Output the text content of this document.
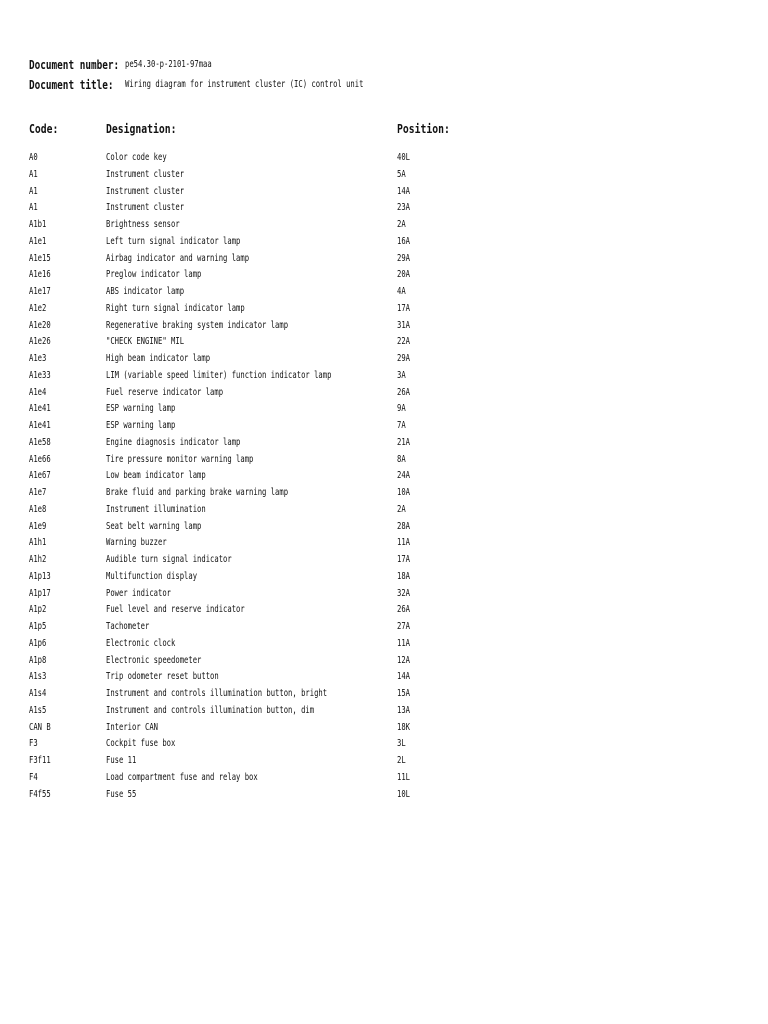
Document number: pe54.30-p-2101-97maa
Document title: Wiring diagram for instrument cluster (IC) control unit
Code:	Designation:	Position:
A0	Color code key	40L
A1	Instrument cluster	5A
A1	Instrument cluster	14A
A1	Instrument cluster	23A
A1b1	Brightness sensor	2A
A1e1	Left turn signal indicator lamp	16A
A1e15	Airbag indicator and warning lamp	29A
A1e16	Preglow indicator lamp	20A
A1e17	ABS indicator lamp	4A
A1e2	Right turn signal indicator lamp	17A
A1e20	Regenerative braking system indicator lamp	31A
A1e26	"CHECK ENGINE" MIL	22A
A1e3	High beam indicator lamp	29A
A1e33	LIM (variable speed limiter) function indicator lamp	3A
A1e4	Fuel reserve indicator lamp	26A
A1e41	ESP warning lamp	9A
A1e41	ESP warning lamp	7A
A1e58	Engine diagnosis indicator lamp	21A
A1e66	Tire pressure monitor warning lamp	8A
A1e67	Low beam indicator lamp	24A
A1e7	Brake fluid and parking brake warning lamp	10A
A1e8	Instrument illumination	2A
A1e9	Seat belt warning lamp	28A
A1h1	Warning buzzer	11A
A1h2	Audible turn signal indicator	17A
A1p13	Multifunction display	18A
A1p17	Power indicator	32A
A1p2	Fuel level and reserve indicator	26A
A1p5	Tachometer	27A
A1p6	Electronic clock	11A
A1p8	Electronic speedometer	12A
A1s3	Trip odometer reset button	14A
A1s4	Instrument and controls illumination button, bright	15A
A1s5	Instrument and controls illumination button, dim	13A
CAN B	Interior CAN	18K
F3	Cockpit fuse box	3L
F3f11	Fuse 11	2L
F4	Load compartment fuse and relay box	11L
F4f55	Fuse 55	10L
